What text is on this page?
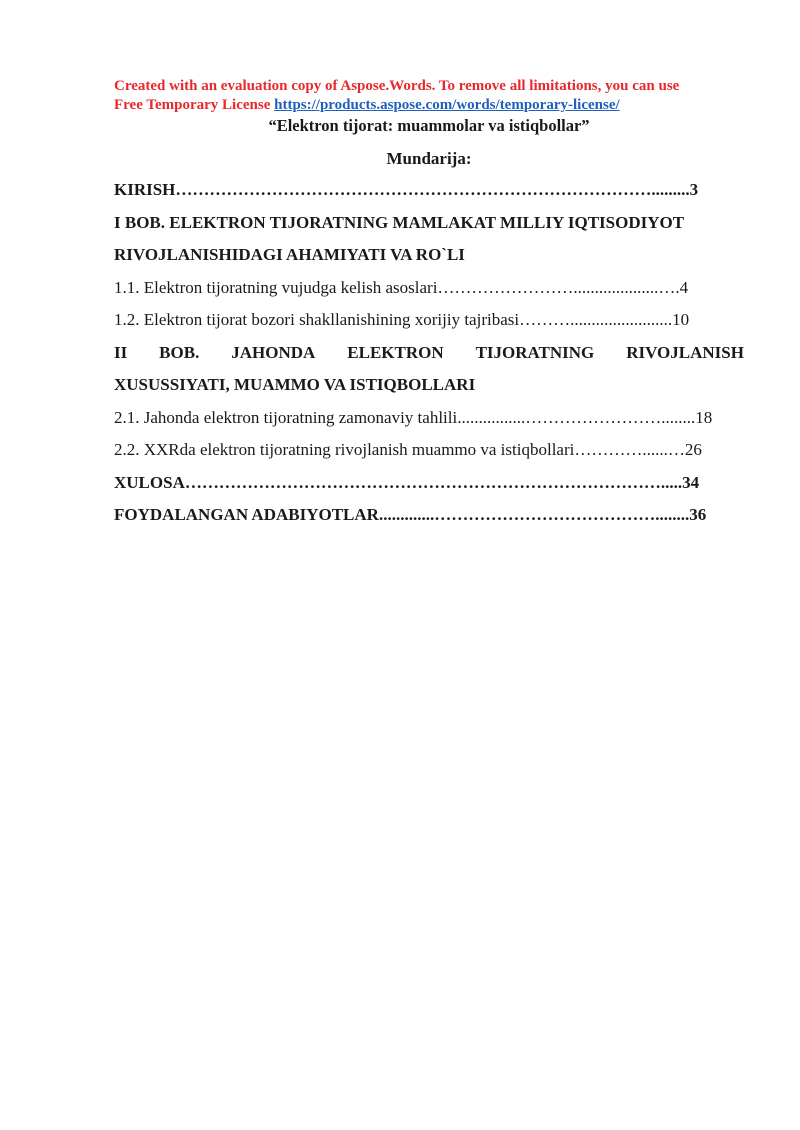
Created with an evaluation copy of Aspose.Words. To remove all limitations, you can use
Free Temporary License https://products.aspose.com/words/temporary-license/
“Elektron tijorat: muammolar va istiqbollar”
Mundarija:
KIRISH………………………………………………………………………….........3
I BOB. ELEKTRON TIJORATNING MAMLAKAT MILLIY IQTISODIYOT
RIVOJLANISHIDAGI AHAMIYATI VA RO`LI
1.1. Elektron tijoratning vujudga kelish asoslari……………………....................….4
1.2. Elektron tijorat bozori shakllanishining xorijiy tajribasi………........................10
II BOB. JAHONDA ELEKTRON TIJORATNING RIVOJLANISH
XUSUSSIYATI, MUAMMO VA ISTIQBOLLARI
2.1. Jahonda elektron tijoratning zamonaviy tahlili................……………………........18
2.2. XXRda elektron tijoratning rivojlanish muammo va istiqbollari…………......…26
XULOSA………………………………………………………………………….....34
FOYDALANGAN ADABIYOTLAR.............…………………………………........36
